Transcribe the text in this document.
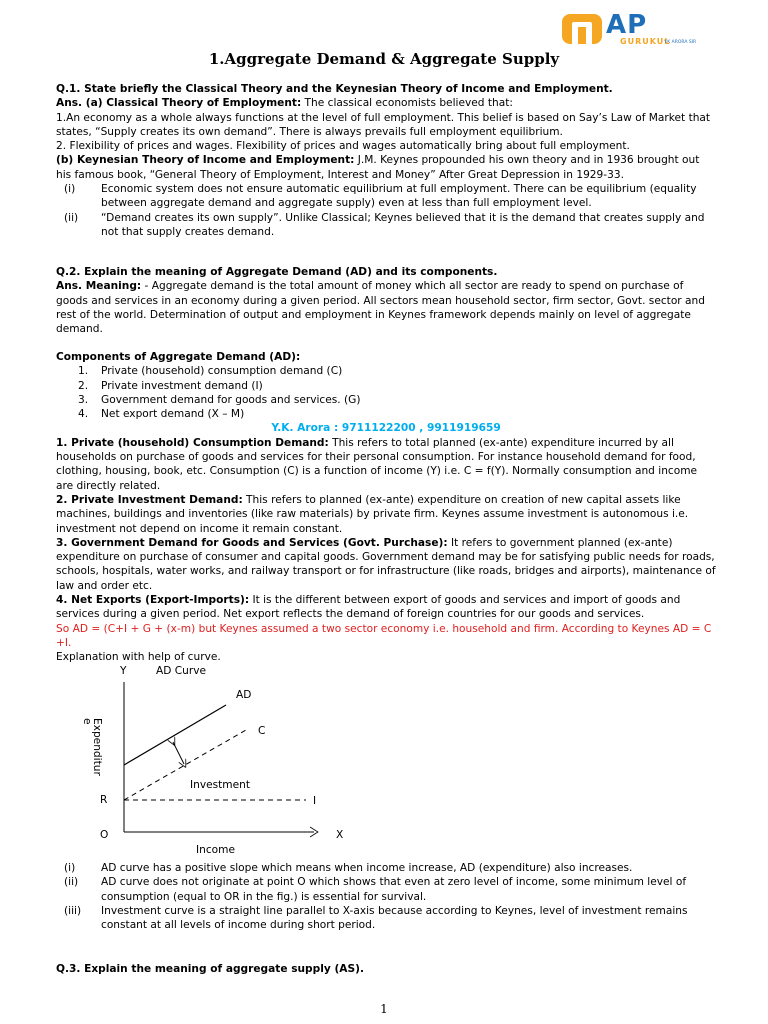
AP
GURUKUL
Y.K ARORA SIR
1.Aggregate Demand & Aggregate Supply

Q.1. State briefly the Classical Theory and the Keynesian Theory of Income and Employment.

Ans. (a) Classical Theory of Employment: The classical economists believed that:

1.An economy as a whole always functions at the level of full employment. This belief is based on Say’s Law of Market that states, “Supply creates its own demand”. There is always prevails full employment equilibrium.

2. Flexibility of prices and wages. Flexibility of prices and wages automatically bring about full employment.

(b) Keynesian Theory of Income and Employment: J.M. Keynes propounded his own theory and in 1936 brought out his famous book, “General Theory of Employment, Interest and Money” After Great Depression in 1929-33.

(i) Economic system does not ensure automatic equilibrium at full employment. There can be equilibrium (equality between aggregate demand and aggregate supply) even at less than full employment level.
(ii) “Demand creates its own supply”. Unlike Classical; Keynes believed that it is the demand that creates supply and not that supply creates demand.

Q.2. Explain the meaning of Aggregate Demand (AD) and its components.

Ans. Meaning: - Aggregate demand is the total amount of money which all sector are ready to spend on purchase of goods and services in an economy during a given period. All sectors mean household sector, firm sector, Govt. sector and rest of the world. Determination of output and employment in Keynes framework depends mainly on level of aggregate demand.

Components of Aggregate Demand (AD):

1. Private (household) consumption demand (C)
2. Private investment demand (I)
3. Government demand for goods and services. (G)
4. Net export demand (X – M)

Y.K. Arora : 9711122200 , 9911919659

1. Private (household) Consumption Demand: This refers to total planned (ex-ante) expenditure incurred by all households on purchase of goods and services for their personal consumption. For instance household demand for food, clothing, housing, book, etc. Consumption (C) is a function of income (Y) i.e. C = f(Y). Normally consumption and income are directly related.

2. Private Investment Demand: This refers to planned (ex-ante) expenditure on creation of new capital assets like machines, buildings and inventories (like raw materials) by private firm. Keynes assume investment is autonomous i.e. investment not depend on income it remain constant.

3. Government Demand for Goods and Services (Govt. Purchase): It refers to government planned (ex-ante) expenditure on purchase of consumer and capital goods. Government demand may be for satisfying public needs for roads, schools, hospitals, water works, and railway transport or for infrastructure (like roads, bridges and airports), maintenance of law and order etc.

4. Net Exports (Export-Imports): It is the different between export of goods and services and import of goods and services during a given period. Net export reflects the demand of foreign countries for our goods and services.

So AD = (C+I + G + (x-m) but Keynes assumed a two sector economy i.e. household and firm. According to Keynes AD = C +I.

Explanation with help of curve.

Y	AD Curve
AD
C
Expenditur
e
Investment
R	I
O	X
Income
(i) AD curve has a positive slope which means when income increase, AD (expenditure) also increases.
(ii) AD curve does not originate at point O which shows that even at zero level of income, some minimum level of consumption (equal to OR in the fig.) is essential for survival.
(iii) Investment curve is a straight line parallel to X-axis because according to Keynes, level of investment remains constant at all levels of income during short period.

Q.3. Explain the meaning of aggregate supply (AS).

1
